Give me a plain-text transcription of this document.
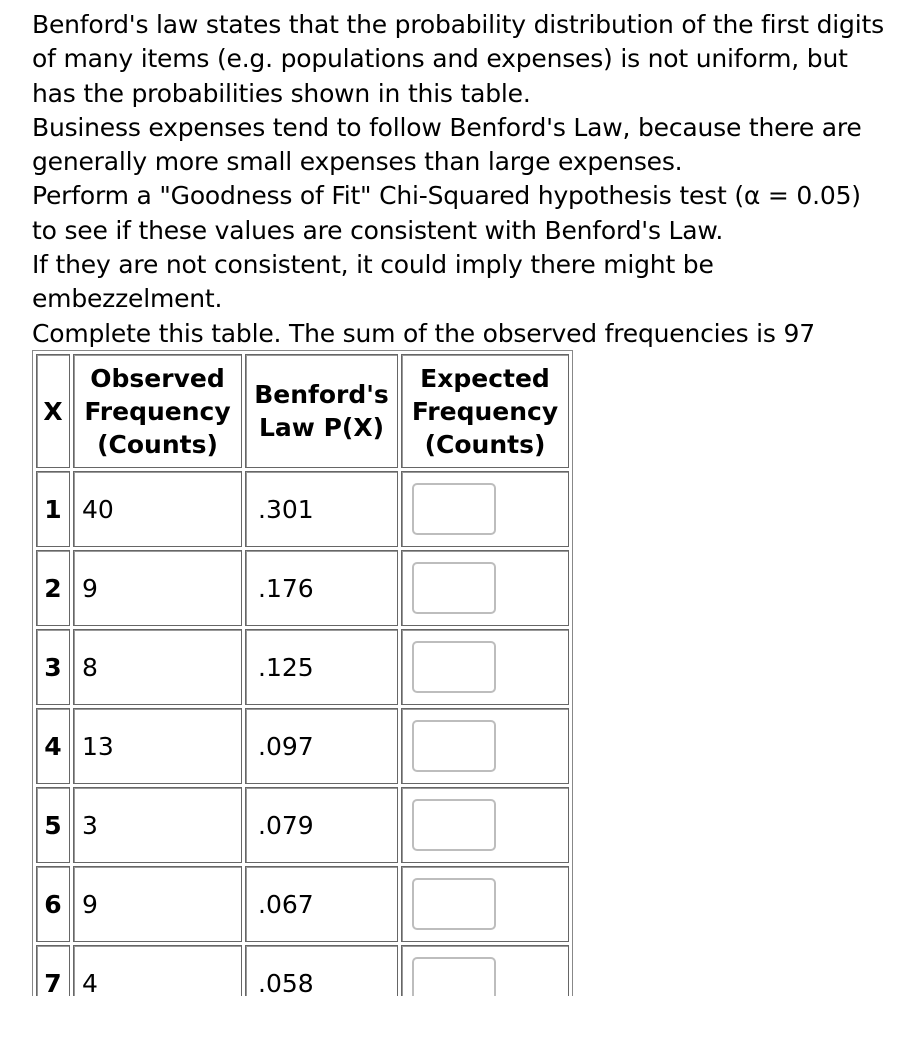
Benford's law states that the probability distribution of the first digits of many items (e.g. populations and expenses) is not uniform, but has the probabilities shown in this table.

Business expenses tend to follow Benford's Law, because there are generally more small expenses than large expenses.

Perform a "Goodness of Fit" Chi-Squared hypothesis test (α = 0.05) to see if these values are consistent with Benford's Law.

If they are not consistent, it could imply there might be embezzelment.

Complete this table. The sum of the observed frequencies is 97

X	Observed Frequency (Counts)	Benford's Law P(X)	Expected Frequency (Counts)
1	40	.301	

2	9	.176	

3	8	.125	

4	13	.097	

5	3	.079	

6	9	.067	

7	4	.058	
